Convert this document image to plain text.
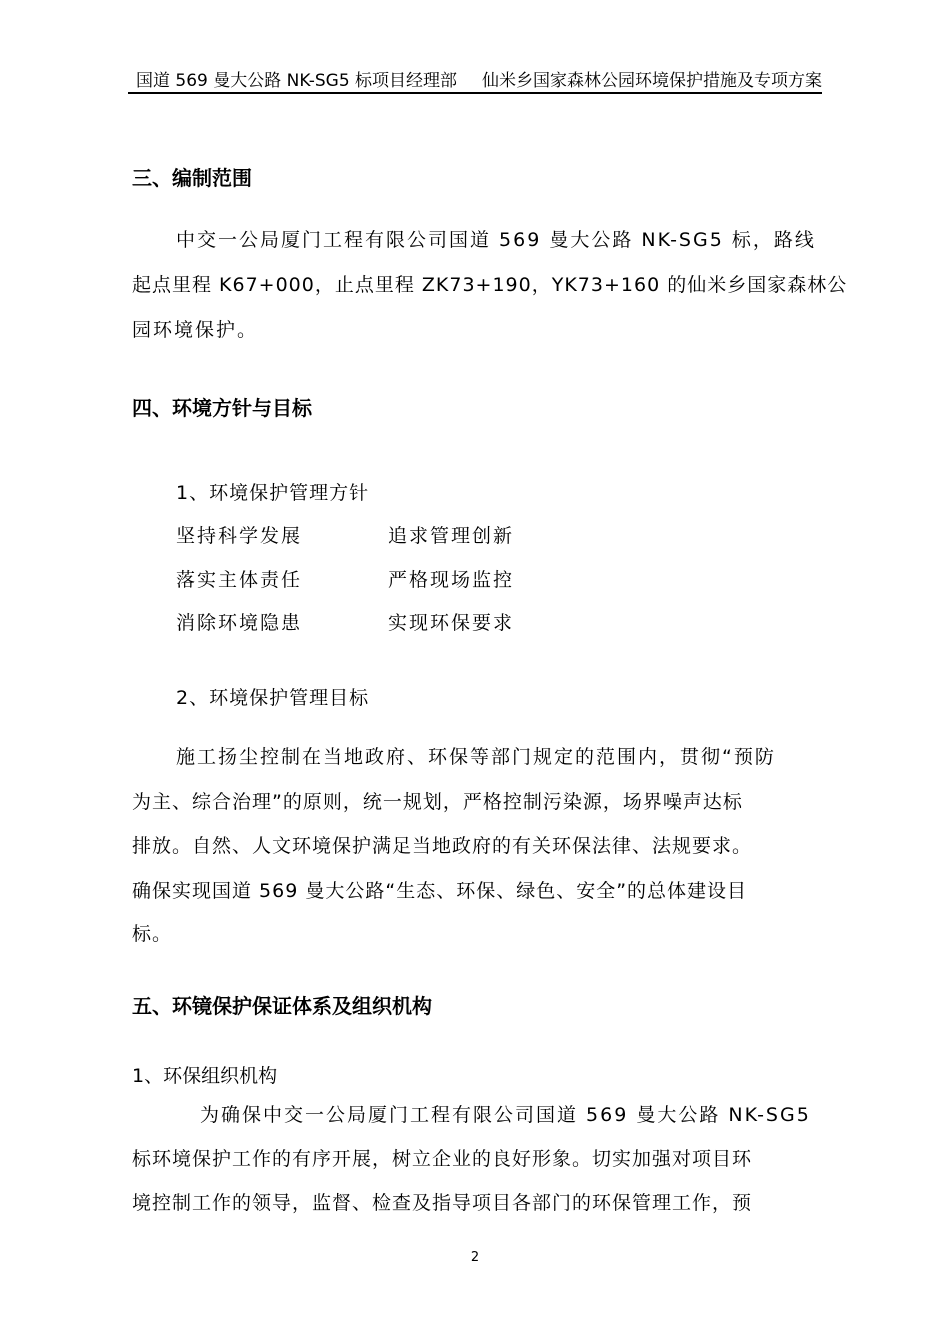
国道 569 曼大公路 NK-SG5 标项目经理部 仙米乡国家森林公园环境保护措施及专项方案
三、编制范围
中交一公局厦门工程有限公司国道 569 曼大公路 NK-SG5 标，路线
起点里程 K67+000，止点里程 ZK73+190，YK73+160 的仙米乡国家森林公
园环境保护。
四、环境方针与目标
1、环境保护管理方针
坚持科学发展	追求管理创新
落实主体责任	严格现场监控
消除环境隐患	实现环保要求
2、环境保护管理目标
施工扬尘控制在当地政府、环保等部门规定的范围内，贯彻“预防
为主、综合治理”的原则，统一规划，严格控制污染源，场界噪声达标
排放。自然、人文环境保护满足当地政府的有关环保法律、法规要求。
确保实现国道 569 曼大公路“生态、环保、绿色、安全”的总体建设目
标。
五、环镜保护保证体系及组织机构
1、环保组织机构
为确保中交一公局厦门工程有限公司国道 569 曼大公路 NK-SG5
标环境保护工作的有序开展，树立企业的良好形象。切实加强对项目环
境控制工作的领导，监督、检查及指导项目各部门的环保管理工作，预
2
